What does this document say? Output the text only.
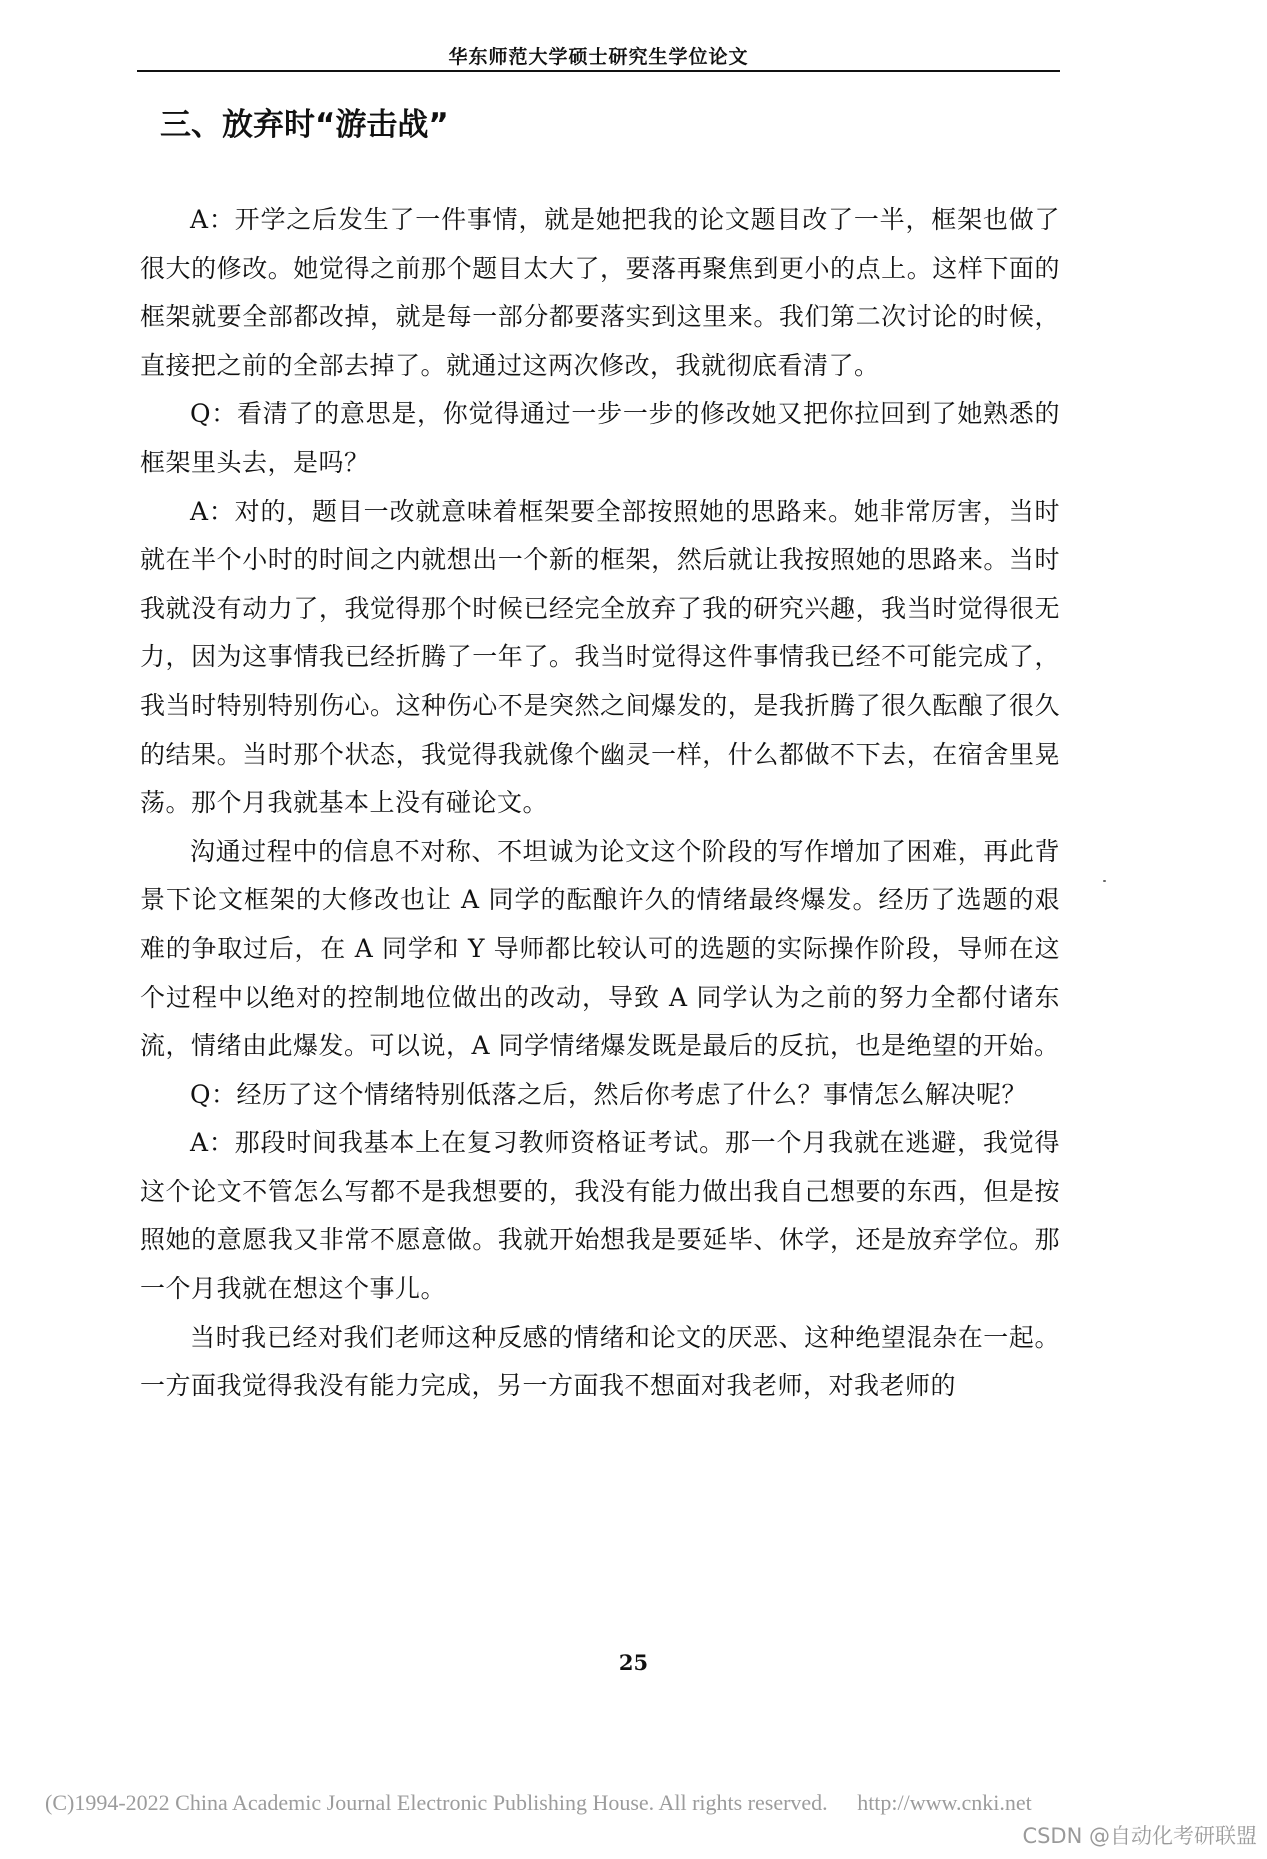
华东师范大学硕士研究生学位论文
三、放弃时“游击战”

A：开学之后发生了一件事情，就是她把我的论文题目改了一半，框架也做了很大的修改。她觉得之前那个题目太大了，要落再聚焦到更小的点上。这样下面的框架就要全部都改掉，就是每一部分都要落实到这里来。我们第二次讨论的时候，直接把之前的全部去掉了。就通过这两次修改，我就彻底看清了。

Q：看清了的意思是，你觉得通过一步一步的修改她又把你拉回到了她熟悉的框架里头去，是吗？

A：对的，题目一改就意味着框架要全部按照她的思路来。她非常厉害，当时就在半个小时的时间之内就想出一个新的框架，然后就让我按照她的思路来。当时我就没有动力了，我觉得那个时候已经完全放弃了我的研究兴趣，我当时觉得很无力，因为这事情我已经折腾了一年了。我当时觉得这件事情我已经不可能完成了，我当时特别特别伤心。这种伤心不是突然之间爆发的，是我折腾了很久酝酿了很久的结果。当时那个状态，我觉得我就像个幽灵一样，什么都做不下去，在宿舍里晃荡。那个月我就基本上没有碰论文。

沟通过程中的信息不对称、不坦诚为论文这个阶段的写作增加了困难，再此背景下论文框架的大修改也让 A 同学的酝酿许久的情绪最终爆发。经历了选题的艰难的争取过后，在 A 同学和 Y 导师都比较认可的选题的实际操作阶段，导师在这个过程中以绝对的控制地位做出的改动，导致 A 同学认为之前的努力全都付诸东流，情绪由此爆发。可以说，A 同学情绪爆发既是最后的反抗，也是绝望的开始。

Q：经历了这个情绪特别低落之后，然后你考虑了什么？事情怎么解决呢？

A：那段时间我基本上在复习教师资格证考试。那一个月我就在逃避，我觉得这个论文不管怎么写都不是我想要的，我没有能力做出我自己想要的东西，但是按照她的意愿我又非常不愿意做。我就开始想我是要延毕、休学，还是放弃学位。那一个月我就在想这个事儿。

当时我已经对我们老师这种反感的情绪和论文的厌恶、这种绝望混杂在一起。一方面我觉得我没有能力完成，另一方面我不想面对我老师，对我老师的

25
(C)1994-2022 China Academic Journal Electronic Publishing House. All rights reserved. http://www.cnki.net
CSDN @自动化考研联盟
